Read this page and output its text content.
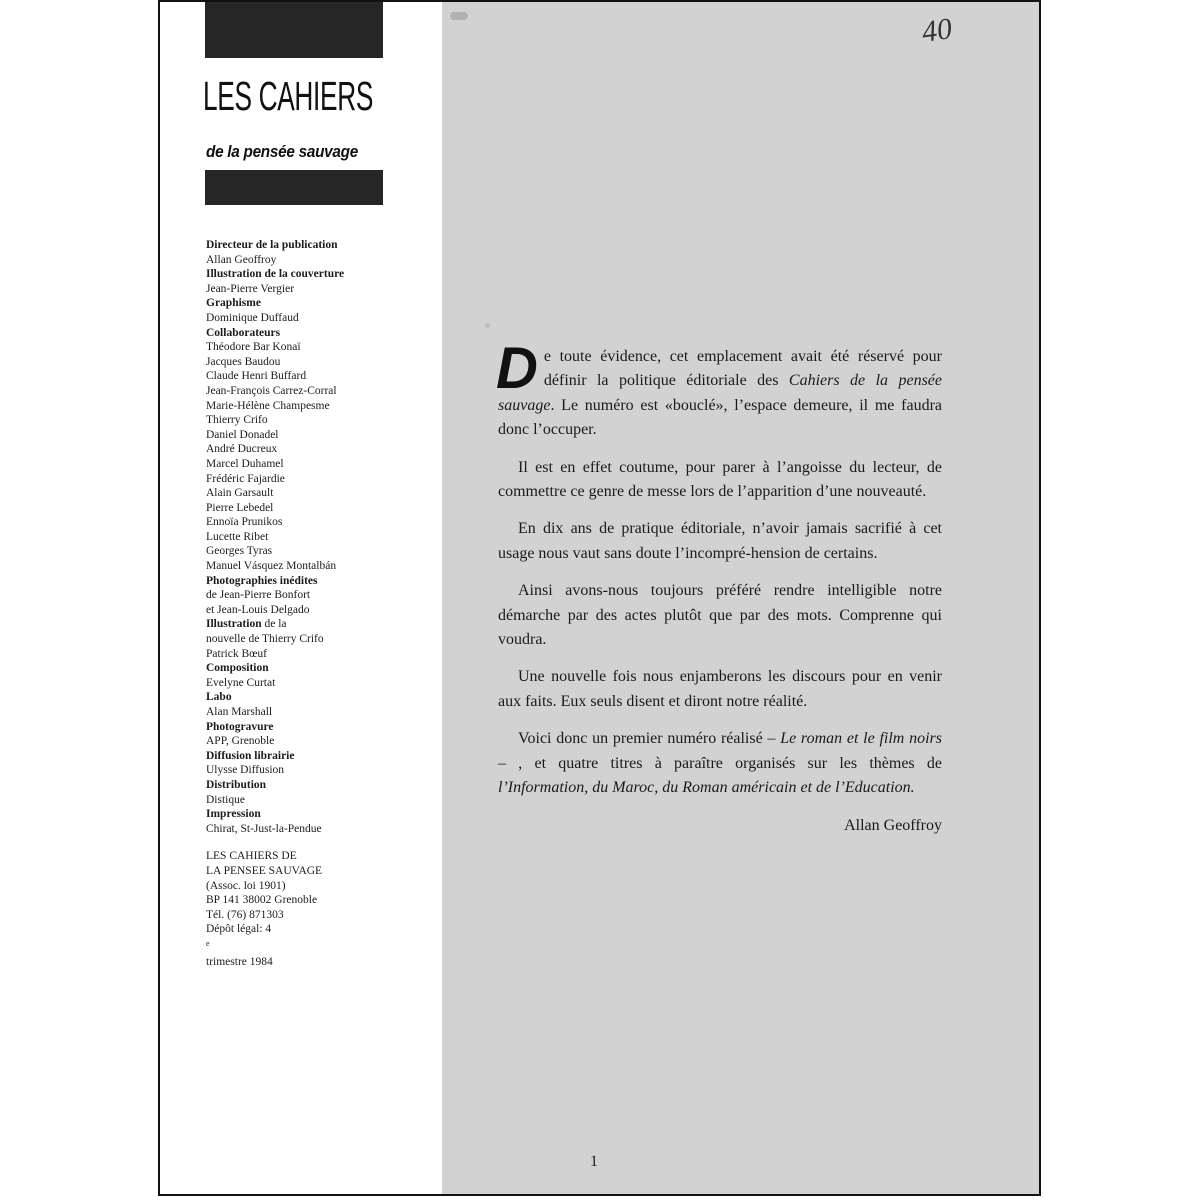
·

LES CAHIERS

de la pensée sauvage

Directeur de la publication
Allan Geoffroy
Illustration de la couverture
Jean-Pierre Vergier
Graphisme
Dominique Duffaud
Collaborateurs
Théodore Bar Konaï
Jacques Baudou
Claude Henri Buffard
Jean-François Carrez-Corral
Marie-Hélène Champesme
Thierry Crifo
Daniel Donadel
André Ducreux
Marcel Duhamel
Frédéric Fajardie
Alain Garsault
Pierre Lebedel
Ennoïa Prunikos
Lucette Ribet
Georges Tyras
Manuel Vásquez Montalbán
Photographies inédites
de Jean-Pierre Bonfort
et Jean-Louis Delgado
Illustration de la
nouvelle de Thierry Crifo
Patrick Bœuf
Composition
Evelyne Curtat
Labo
Alan Marshall
Photogravure
APP, Grenoble
Diffusion librairie
Ulysse Diffusion
Distribution
Distique
Impression
Chirat, St-Just-la-Pendue
LES CAHIERS DE
LA PENSEE SAUVAGE
(Assoc. loi 1901)
BP 141 38002 Grenoble
Tél. (76) 871303
Dépôt légal: 4
$^e$
trimestre 1984

De toute évidence, cet emplacement avait été réservé pour définir la politique éditoriale des Cahiers de la pensée sauvage. Le numéro est «bouclé», l’espace demeure, il me faudra donc l’occuper.

Il est en effet coutume, pour parer à l’angoisse du lecteur, de commettre ce genre de messe lors de l’apparition d’une nouveauté.

En dix ans de pratique éditoriale, n’avoir jamais sacrifié à cet usage nous vaut sans doute l’incompré-hension de certains.

Ainsi avons-nous toujours préféré rendre intelligible notre démarche par des actes plutôt que par des mots. Comprenne qui voudra.

Une nouvelle fois nous enjamberons les discours pour en venir aux faits. Eux seuls disent et diront notre réalité.

Voici donc un premier numéro réalisé – Le roman et le film noirs – , et quatre titres à paraître organisés sur les thèmes de l’Information, du Maroc, du Roman américain et de l’Education.

Allan Geoffroy

1
40
